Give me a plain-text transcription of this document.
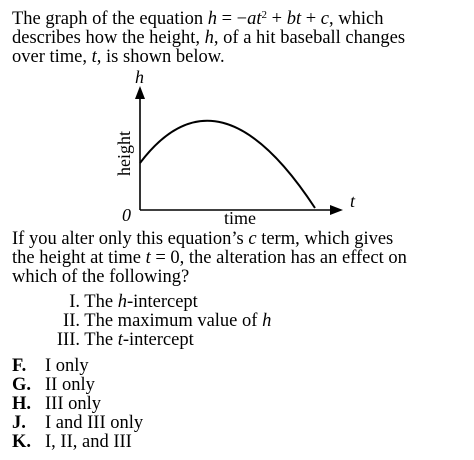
The graph of the equation $h = -at^2$ + bt + c, which
describes how the height, h, of a hit baseball changes
over time, t, is shown below.
h
t
0
height
time
If you alter only this equation’s c term, which gives
the height at time t = 0, the alteration has an effect on
which of the following?
I. The h-intercept
II. The maximum value of h
III. The t-intercept
F. I only
G. II only
H. III only
J. I and III only
K. I, II, and III
